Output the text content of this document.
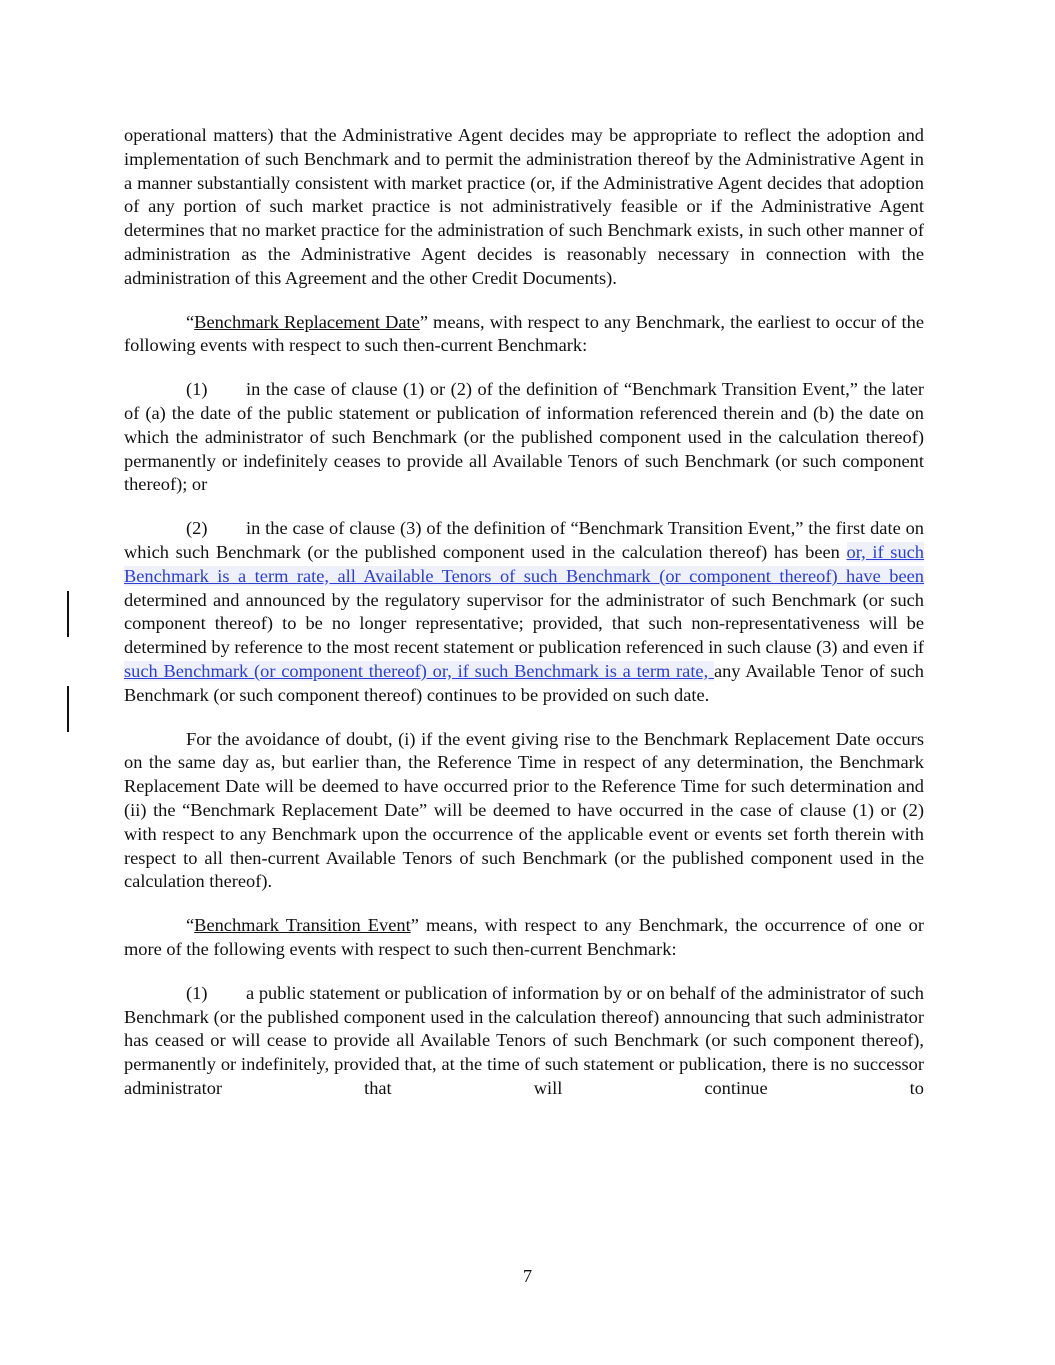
operational matters) that the Administrative Agent decides may be appropriate to reflect the adoption and implementation of such Benchmark and to permit the administration thereof by the Administrative Agent in a manner substantially consistent with market practice (or, if the Administrative Agent decides that adoption of any portion of such market practice is not administratively feasible or if the Administrative Agent determines that no market practice for the administration of such Benchmark exists, in such other manner of administration as the Administrative Agent decides is reasonably necessary in connection with the administration of this Agreement and the other Credit Documents).

“Benchmark Replacement Date” means, with respect to any Benchmark, the earliest to occur of the following events with respect to such then-current Benchmark:

(1) in the case of clause (1) or (2) of the definition of “Benchmark Transition Event,” the later of (a) the date of the public statement or publication of information referenced therein and (b) the date on which the administrator of such Benchmark (or the published component used in the calculation thereof) permanently or indefinitely ceases to provide all Available Tenors of such Benchmark (or such component thereof); or

(2) in the case of clause (3) of the definition of “Benchmark Transition Event,” the first date on which such Benchmark (or the published component used in the calculation thereof) has been or, if such Benchmark is a term rate, all Available Tenors of such Benchmark (or component thereof) have been determined and announced by the regulatory supervisor for the administrator of such Benchmark (or such component thereof) to be no longer representative; provided, that such non-representativeness will be determined by reference to the most recent statement or publication referenced in such clause (3) and even if such Benchmark (or component thereof) or, if such Benchmark is a term rate, any Available Tenor of such Benchmark (or such component thereof) continues to be provided on such date.

For the avoidance of doubt, (i) if the event giving rise to the Benchmark Replacement Date occurs on the same day as, but earlier than, the Reference Time in respect of any determination, the Benchmark Replacement Date will be deemed to have occurred prior to the Reference Time for such determination and (ii) the “Benchmark Replacement Date” will be deemed to have occurred in the case of clause (1) or (2) with respect to any Benchmark upon the occurrence of the applicable event or events set forth therein with respect to all then-current Available Tenors of such Benchmark (or the published component used in the calculation thereof).

“Benchmark Transition Event” means, with respect to any Benchmark, the occurrence of one or more of the following events with respect to such then-current Benchmark:

(1) a public statement or publication of information by or on behalf of the administrator of such Benchmark (or the published component used in the calculation thereof) announcing that such administrator has ceased or will cease to provide all Available Tenors of such Benchmark (or such component thereof), permanently or indefinitely, provided that, at the time of such statement or publication, there is no successor administrator that will continue to

7
